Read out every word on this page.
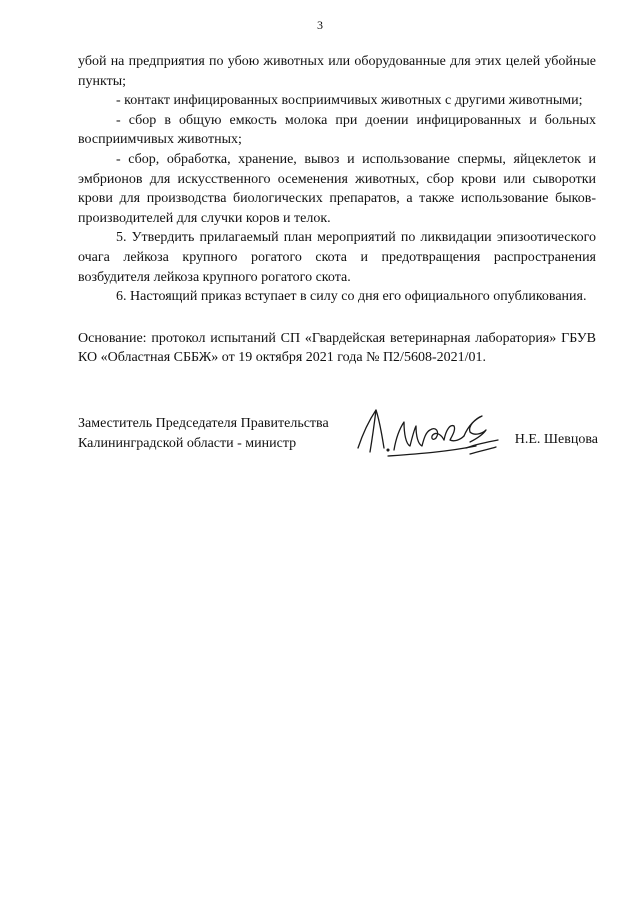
3

убой на предприятия по убою животных или оборудованные для этих целей убойные пункты;

- контакт инфицированных восприимчивых животных с другими животными;

- сбор в общую емкость молока при доении инфицированных и больных восприимчивых животных;

- сбор, обработка, хранение, вывоз и использование спермы, яйцеклеток и эмбрионов для искусственного осеменения животных, сбор крови или сыворотки крови для производства биологических препаратов, а также использование быков-производителей для случки коров и телок.

5. Утвердить прилагаемый план мероприятий по ликвидации эпизоотического очага лейкоза крупного рогатого скота и предотвращения распространения возбудителя лейкоза крупного рогатого скота.

6. Настоящий приказ вступает в силу со дня его официального опубликования.

Основание: протокол испытаний СП «Гвардейская ветеринарная лаборатория» ГБУВ КО «Областная СББЖ» от 19 октября 2021 года № П2/5608-2021/01.

Заместитель Председателя Правительства
Калининградской области - министр	Н.Е. Шевцова
